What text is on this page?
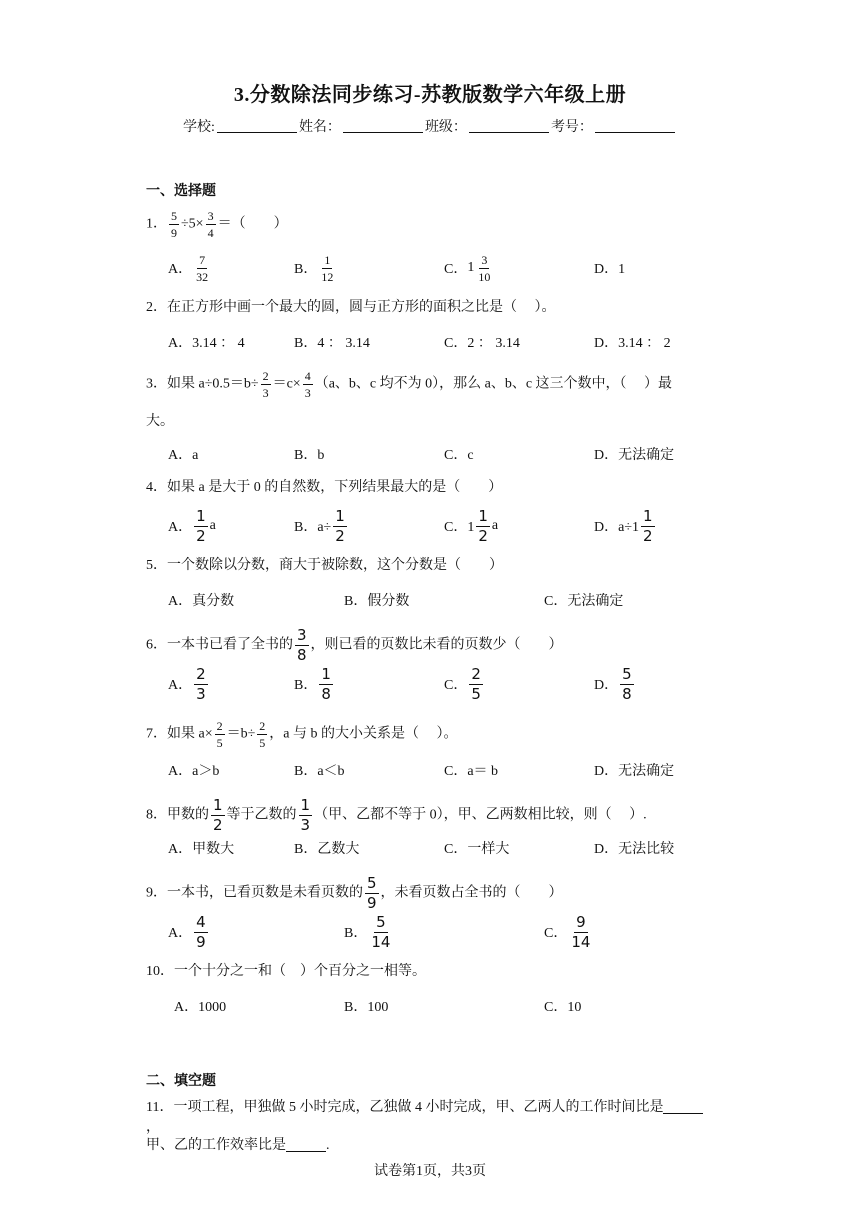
3.分数除法同步练习-苏教版数学六年级上册
学校:	姓名：	班级：	考号：
一、选择题
1． $\frac{5}{9} \div 5\times \frac{3}{4}$ ＝（　　）
A． $\frac{7}{32}$	B． $\frac{1}{12}$	C． $1 \frac{3}{10}$	D．1
2．在正方形中画一个最大的圆，圆与正方形的面积之比是（　 ）。
A．3.14 ： 4	B．4 ： 3.14	C．2 ： 3.14	D．3.14 ： 2
3．如果 $a\div 0.5=b\div \frac{2}{3} =c\times \frac{4}{3} (a$、b、c 均不为 0），那么 a、b、c 这三个数中，（　 ）最
大。
A．a	B．b	C．c	D．无法确定
4．如果 a 是大于 0 的自然数，下列结果最大的是（　　）
A． $\frac{1}{2}$ a	B．$a\div \frac{1}{2}$	C．$1 \frac{1}{2}$ a	D．$a\div 1 \frac{1}{2}$
5．一个数除以分数，商大于被除数，这个分数是（　　）
A．真分数	B．假分数	C．无法确定
6．一本书已看了全书的 $\frac{3}{8}$ ，则已看的页数比未看的页数少（　　）
A． $\frac{2}{3}$	B． $\frac{1}{8}$	C． $\frac{2}{5}$	D． $\frac{5}{8}$
7．如果 $a\times \frac{2}{5} =b\div \frac{2}{5}$ ，a 与 b 的大小关系是（　 ）。
A．a＞b	B．a＜b	C．a＝ b	D．无法确定
8．甲数的 $\frac{1}{2}$ 等于乙数的 $\frac{1}{3}$ （甲、乙都不等于 0），甲、乙两数相比较，则（　 ）.
A．甲数大	B．乙数大	C．一样大	D．无法比较
9．一本书，已看页数是未看页数的 $\frac{5}{9}$ ，未看页数占全书的（　　）
A． $\frac{4}{9}$	B． $\frac{5}{14}$	C． $\frac{9}{14}$
10．一个十分之一和（　）个百分之一相等。
A．1000	B．100	C．10
二、填空题
11．一项工程，甲独做 5 小时完成，乙独做 4 小时完成，甲、乙两人的工作时间比是，
甲、乙的工作效率比是	.
试卷第1页，共3页
